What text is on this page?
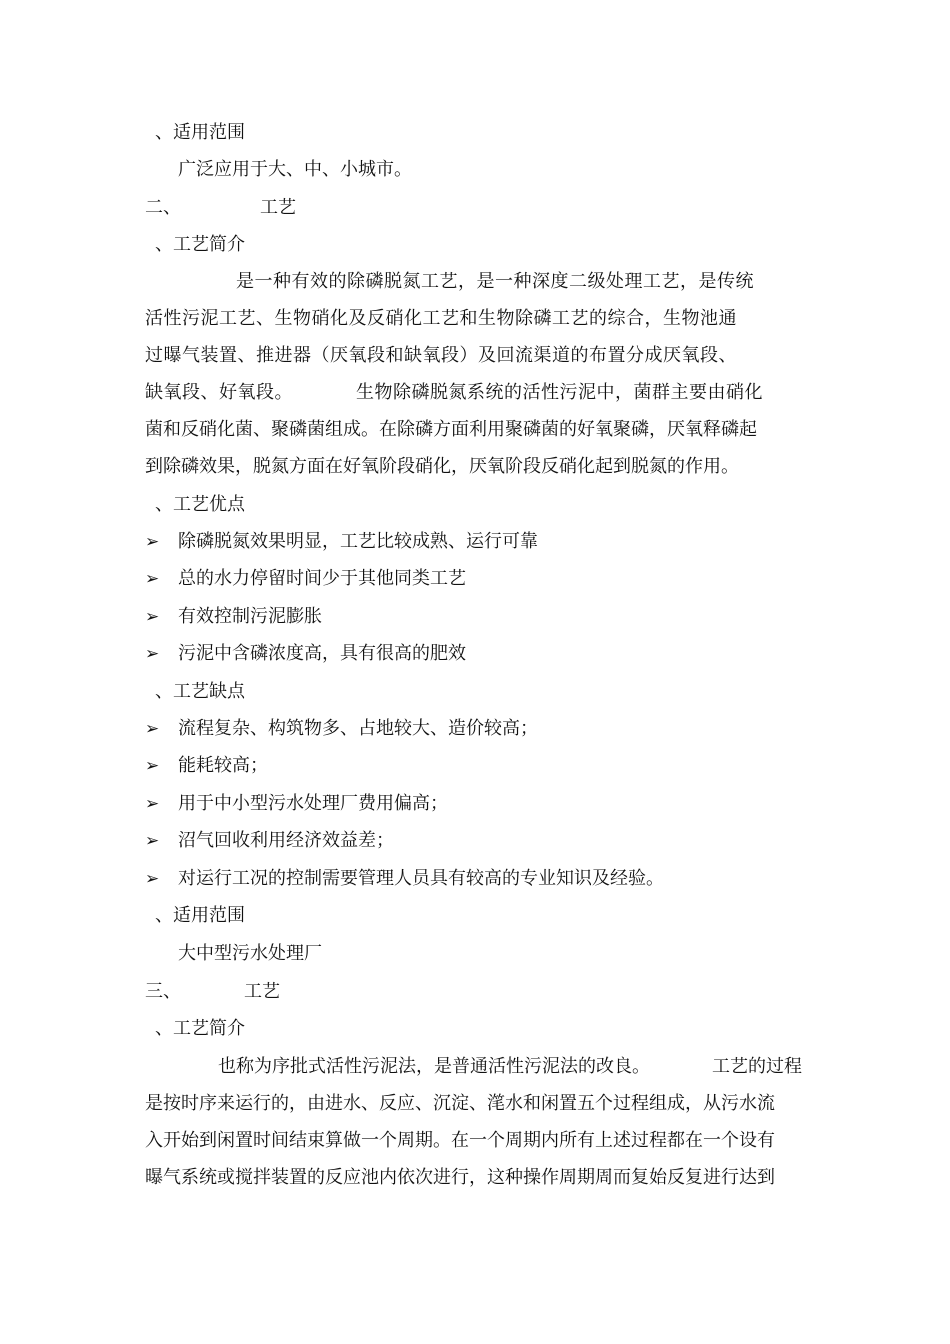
、适用范围
广泛应用于大、中、小城市。
二、	工艺
、工艺简介
是一种有效的除磷脱氮工艺，是一种深度二级处理工艺，是传统
活性污泥工艺、生物硝化及反硝化工艺和生物除磷工艺的综合，生物池通
过曝气装置、推进器（厌氧段和缺氧段）及回流渠道的布置分成厌氧段、
缺氧段、好氧段。	生物除磷脱氮系统的活性污泥中，菌群主要由硝化
菌和反硝化菌、聚磷菌组成。在除磷方面利用聚磷菌的好氧聚磷，厌氧释磷起
到除磷效果，脱氮方面在好氧阶段硝化，厌氧阶段反硝化起到脱氮的作用。
、工艺优点
➢ 除磷脱氮效果明显，工艺比较成熟、运行可靠
➢ 总的水力停留时间少于其他同类工艺
➢ 有效控制污泥膨胀
➢ 污泥中含磷浓度高，具有很高的肥效
、工艺缺点
➢ 流程复杂、构筑物多、占地较大、造价较高；
➢ 能耗较高；
➢ 用于中小型污水处理厂费用偏高；
➢ 沼气回收利用经济效益差；
➢ 对运行工况的控制需要管理人员具有较高的专业知识及经验。
、适用范围
大中型污水处理厂
三、	工艺
、工艺简介
也称为序批式活性污泥法，是普通活性污泥法的改良。	工艺的过程
是按时序来运行的，由进水、反应、沉淀、滗水和闲置五个过程组成，从污水流
入开始到闲置时间结束算做一个周期。在一个周期内所有上述过程都在一个设有
曝气系统或搅拌装置的反应池内依次进行，这种操作周期周而复始反复进行达到
